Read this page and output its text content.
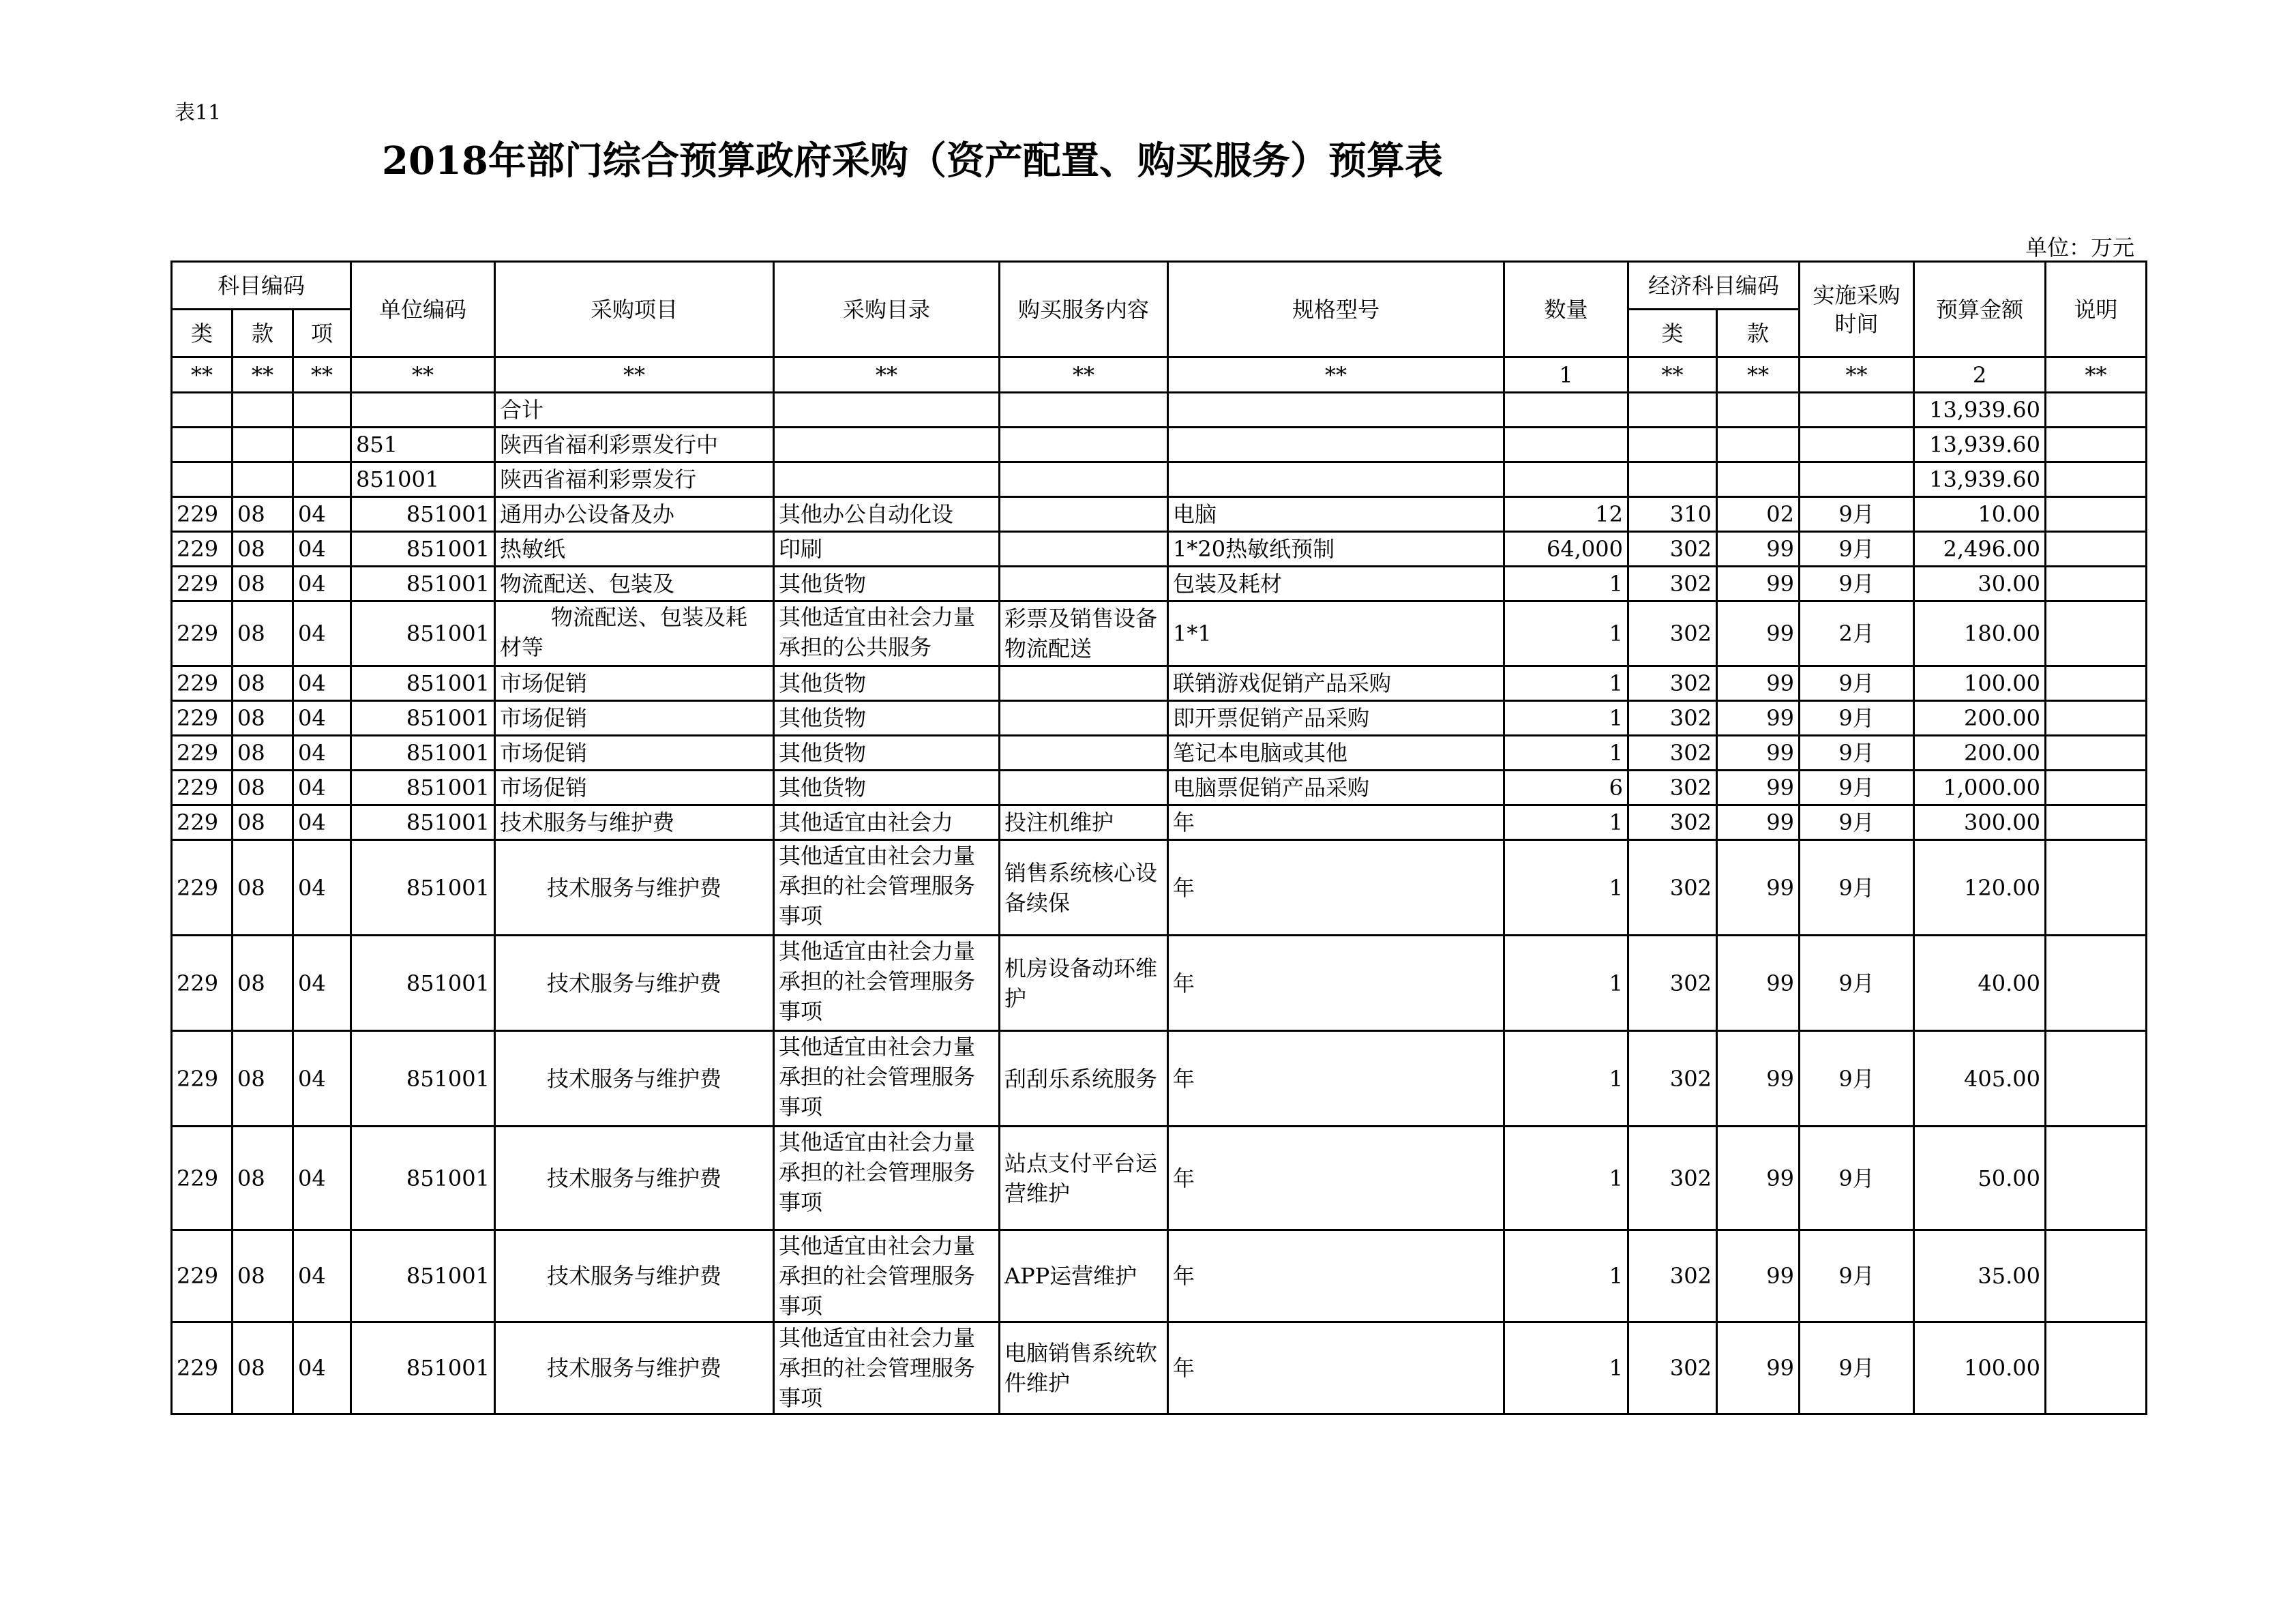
表11
2018年部门综合预算政府采购（资产配置、购买服务）预算表
单位：万元
科目编码			单位编码	采购项目	采购目录	购买服务内容	规格型号	数量	经济科目编码		实施采购时间	预算金额	说明
类	款	项							类	款			
**	**	**	**	**	**	**	**	1	**	**	**	2	**
				合计								13,939.60	
			851	陕西省福利彩票发行中								13,939.60	
			851001	陕西省福利彩票发行								13,939.60	
229	08	04	851001	通用办公设备及办	其他办公自动化设		电脑	12	310	02	9月	10.00	
229	08	04	851001	热敏纸	印刷		1*20热敏纸预制	64,000	302	99	9月	2,496.00	
229	08	04	851001	物流配送、包装及	其他货物		包装及耗材	1	302	99	9月	30.00	
229	08	04	851001	物流配送、包装及耗材等	其他适宜由社会力量承担的公共服务	彩票及销售设备物流配送	1*1	1	302	99	2月	180.00	
229	08	04	851001	市场促销	其他货物		联销游戏促销产品采购	1	302	99	9月	100.00	
229	08	04	851001	市场促销	其他货物		即开票促销产品采购	1	302	99	9月	200.00	
229	08	04	851001	市场促销	其他货物		笔记本电脑或其他	1	302	99	9月	200.00	
229	08	04	851001	市场促销	其他货物		电脑票促销产品采购	6	302	99	9月	1,000.00	
229	08	04	851001	技术服务与维护费	其他适宜由社会力	投注机维护	年	1	302	99	9月	300.00	
229	08	04	851001	技术服务与维护费	其他适宜由社会力量承担的社会管理服务事项	销售系统核心设备续保	年	1	302	99	9月	120.00	
229	08	04	851001	技术服务与维护费	其他适宜由社会力量承担的社会管理服务事项	机房设备动环维护	年	1	302	99	9月	40.00	
229	08	04	851001	技术服务与维护费	其他适宜由社会力量承担的社会管理服务事项	刮刮乐系统服务	年	1	302	99	9月	405.00	
229	08	04	851001	技术服务与维护费	其他适宜由社会力量承担的社会管理服务事项	站点支付平台运营维护	年	1	302	99	9月	50.00	
229	08	04	851001	技术服务与维护费	其他适宜由社会力量承担的社会管理服务事项	APP运营维护	年	1	302	99	9月	35.00	
229	08	04	851001	技术服务与维护费	其他适宜由社会力量承担的社会管理服务事项	电脑销售系统软件维护	年	1	302	99	9月	100.00	
